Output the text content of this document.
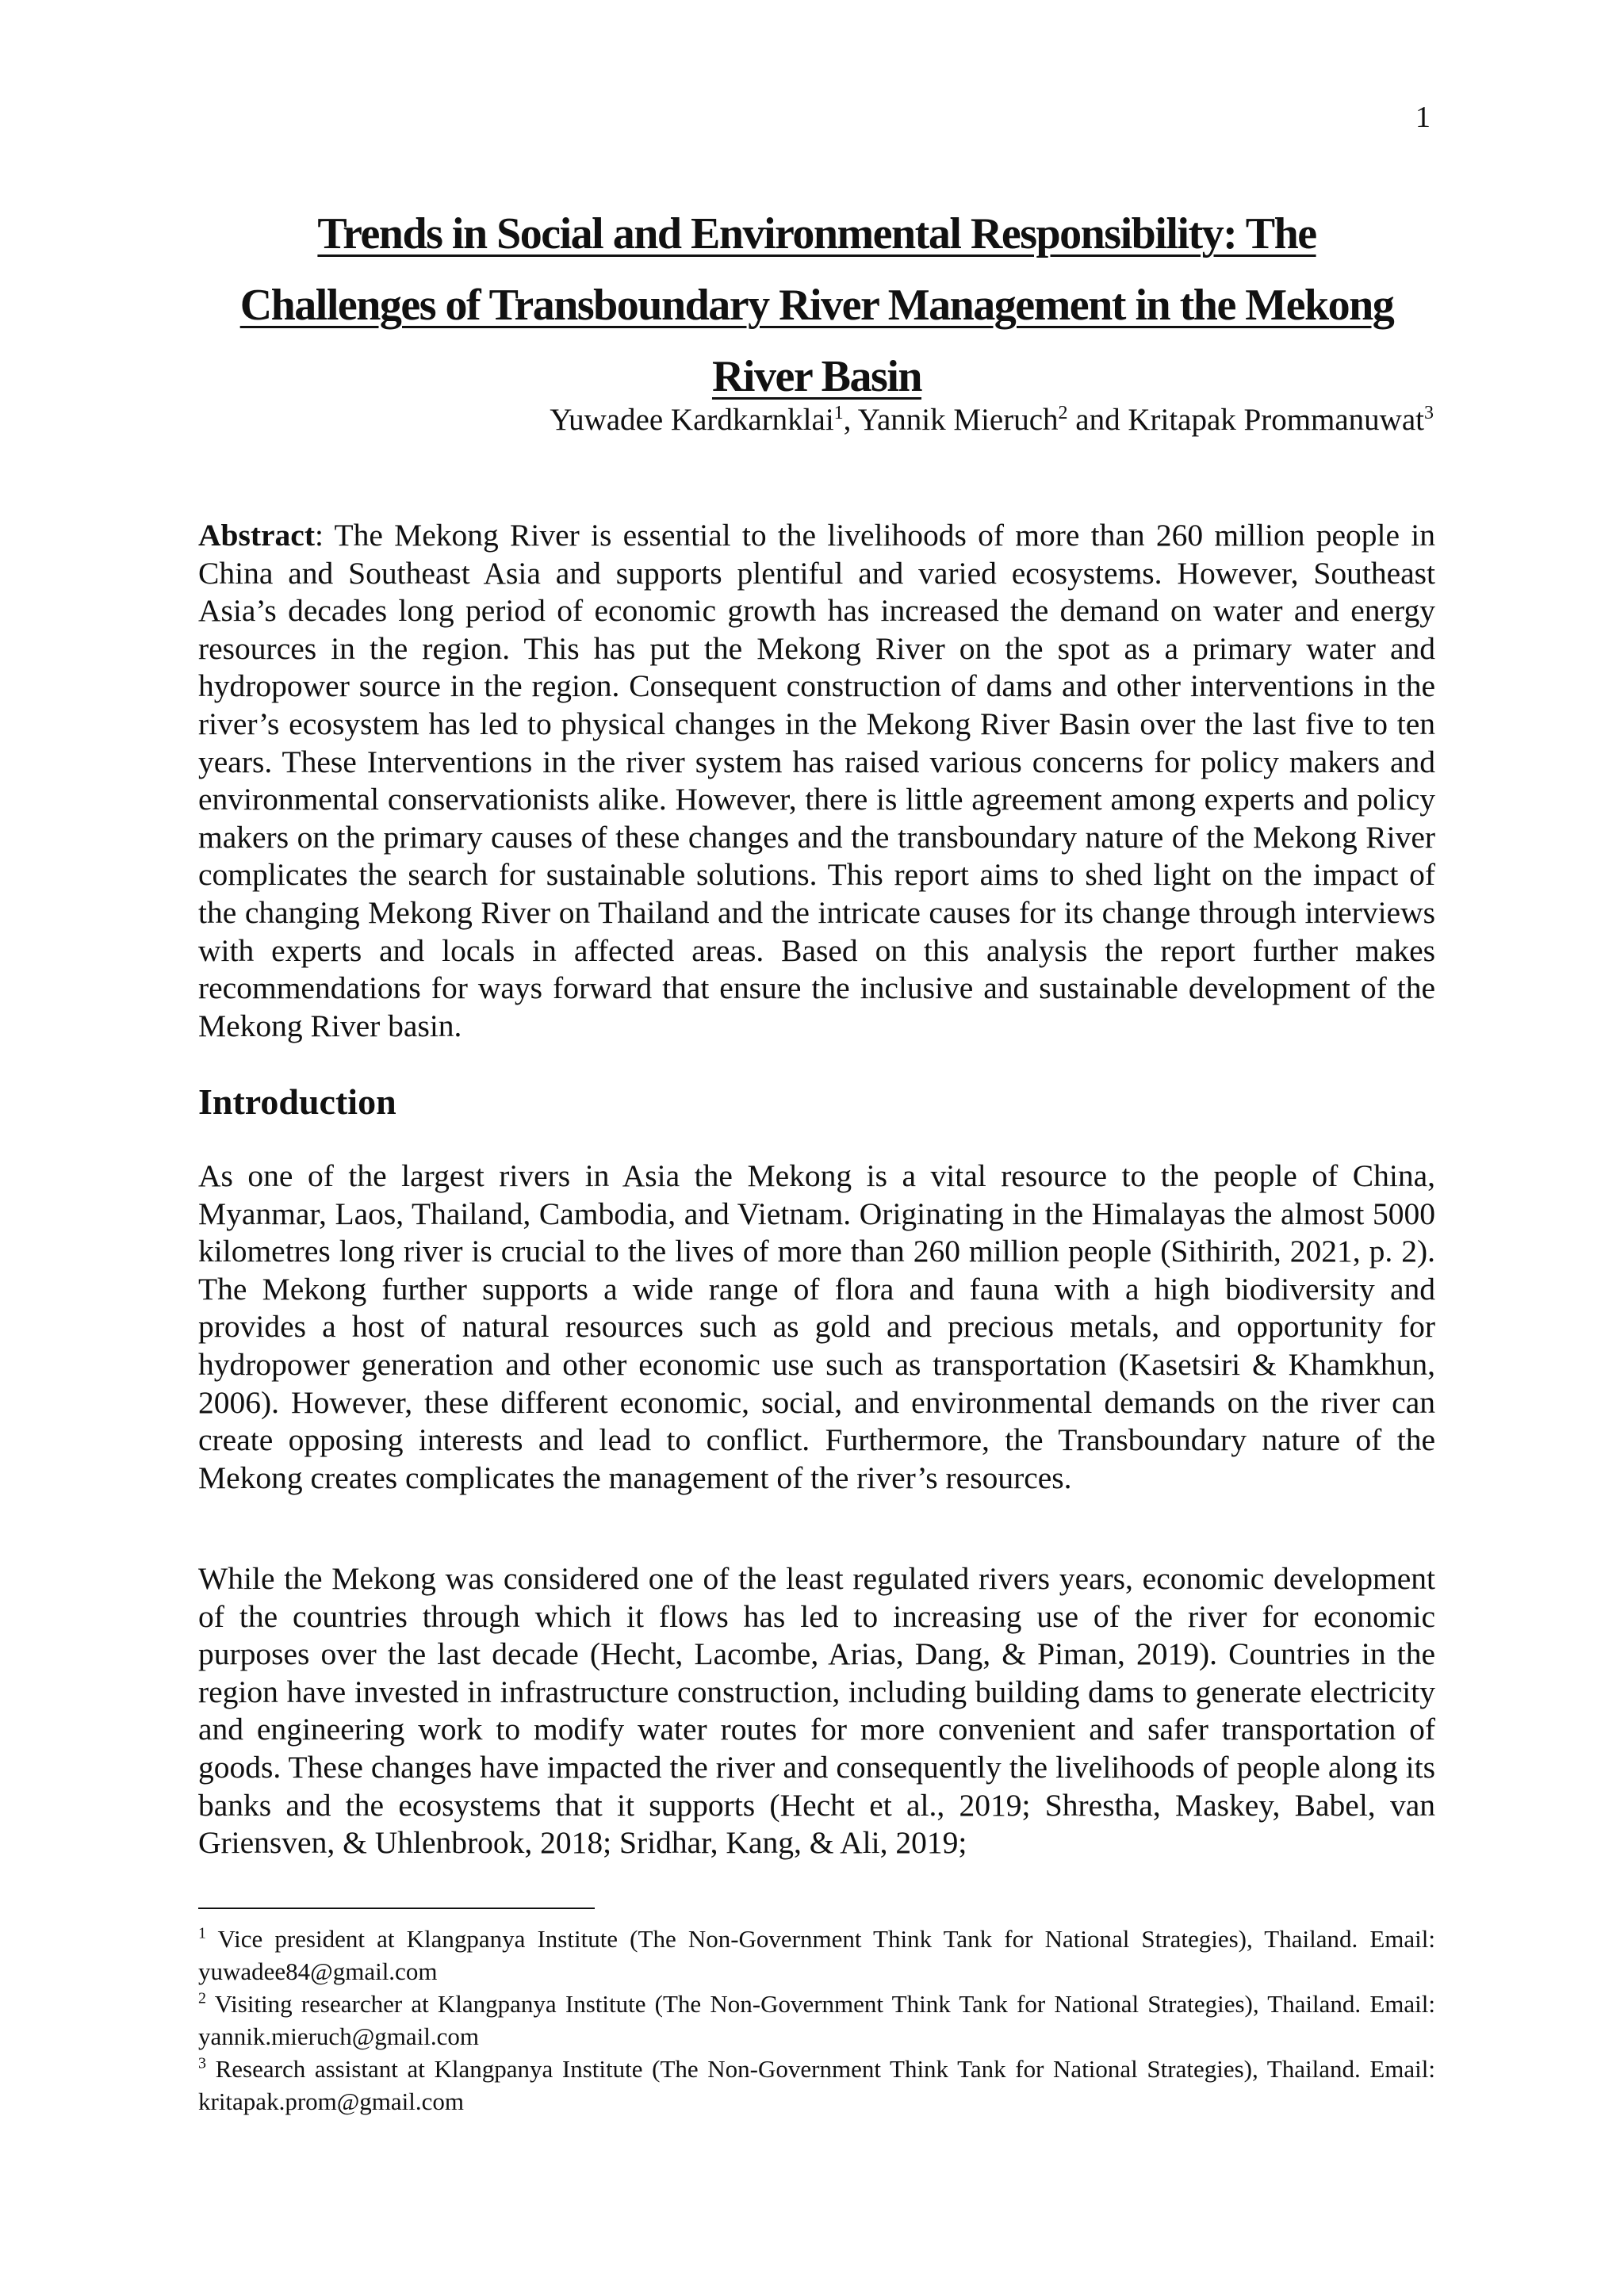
1
Trends in Social and Environmental Responsibility: The
Challenges of Transboundary River Management in the Mekong
River Basin
Yuwadee Kardkarnklai$^1$, Yannik Mieruch$^2$ and Kritapak Prommanuwat$^3$

Abstract: The Mekong River is essential to the livelihoods of more than 260 million people in China and Southeast Asia and supports plentiful and varied ecosystems. However, Southeast Asia’s decades long period of economic growth has increased the demand on water and energy resources in the region. This has put the Mekong River on the spot as a primary water and hydropower source in the region. Consequent construction of dams and other interventions in the river’s ecosystem has led to physical changes in the Mekong River Basin over the last five to ten years. These Interventions in the river system has raised various concerns for policy makers and environmental conservationists alike. However, there is little agreement among experts and policy makers on the primary causes of these changes and the transboundary nature of the Mekong River complicates the search for sustainable solutions. This report aims to shed light on the impact of the changing Mekong River on Thailand and the intricate causes for its change through interviews with experts and locals in affected areas. Based on this analysis the report further makes recommendations for ways forward that ensure the inclusive and sustainable development of the Mekong River basin.

Introduction

As one of the largest rivers in Asia the Mekong is a vital resource to the people of China, Myanmar, Laos, Thailand, Cambodia, and Vietnam. Originating in the Himalayas the almost 5000 kilometres long river is crucial to the lives of more than 260 million people (Sithirith, 2021, p. 2). The Mekong further supports a wide range of flora and fauna with a high biodiversity and provides a host of natural resources such as gold and precious metals, and opportunity for hydropower generation and other economic use such as transportation (Kasetsiri & Khamkhun, 2006). However, these different economic, social, and environmental demands on the river can create opposing interests and lead to conflict. Furthermore, the Transboundary nature of the Mekong creates complicates the management of the river’s resources.

While the Mekong was considered one of the least regulated rivers years, economic development of the countries through which it flows has led to increasing use of the river for economic purposes over the last decade (Hecht, Lacombe, Arias, Dang, & Piman, 2019). Countries in the region have invested in infrastructure construction, including building dams to generate electricity and engineering work to modify water routes for more convenient and safer transportation of goods. These changes have impacted the river and consequently the livelihoods of people along its banks and the ecosystems that it supports (Hecht et al., 2019; Shrestha, Maskey, Babel, van Griensven, & Uhlenbrook, 2018; Sridhar, Kang, & Ali, 2019;

$^1$ Vice president at Klangpanya Institute (The Non-Government Think Tank for National Strategies), Thailand. Email: yuwadee84@gmail.com

$^2$ Visiting researcher at Klangpanya Institute (The Non-Government Think Tank for National Strategies), Thailand. Email: yannik.mieruch@gmail.com

$^3$ Research assistant at Klangpanya Institute (The Non-Government Think Tank for National Strategies), Thailand. Email: kritapak.prom@gmail.com
